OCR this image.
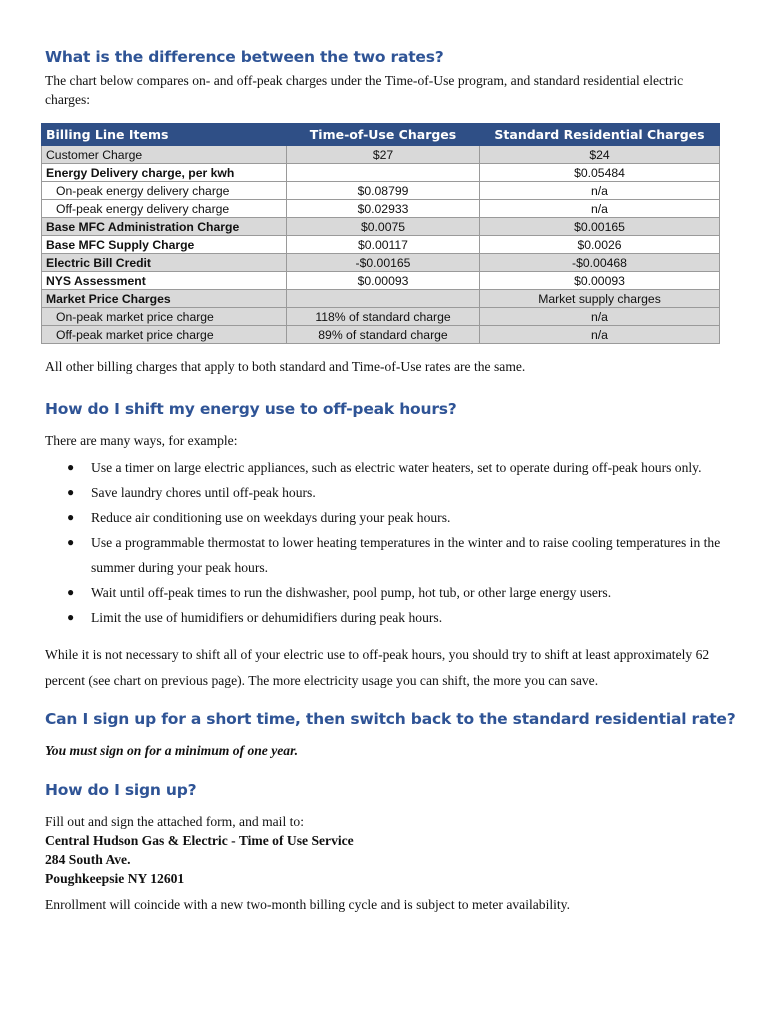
What is the difference between the two rates?

The chart below compares on- and off-peak charges under the Time-of-Use program, and standard residential electric

charges:

Billing Line Items	Time-of-Use Charges	Standard Residential Charges
Customer Charge	$27	$24
Energy Delivery charge, per kwh		$0.05484
On-peak energy delivery charge	$0.08799	n/a
Off-peak energy delivery charge	$0.02933	n/a
Base MFC Administration Charge	$0.0075	$0.00165
Base MFC Supply Charge	$0.00117	$0.0026
Electric Bill Credit	-$0.00165	-$0.00468
NYS Assessment	$0.00093	$0.00093
Market Price Charges		Market supply charges
On-peak market price charge	118% of standard charge	n/a
Off-peak market price charge	89% of standard charge	n/a

All other billing charges that apply to both standard and Time-of-Use rates are the same.

How do I shift my energy use to off-peak hours?

There are many ways, for example:

● Use a timer on large electric appliances, such as electric water heaters, set to operate during off-peak hours only.
● Save laundry chores until off-peak hours.
● Reduce air conditioning use on weekdays during your peak hours.
● Use a programmable thermostat to lower heating temperatures in the winter and to raise cooling temperatures in the summer during your peak hours.
● Wait until off-peak times to run the dishwasher, pool pump, hot tub, or other large energy users.
● Limit the use of humidifiers or dehumidifiers during peak hours.

While it is not necessary to shift all of your electric use to off-peak hours, you should try to shift at least approximately 62 percent (see chart on previous page). The more electricity usage you can shift, the more you can save.

Can I sign up for a short time, then switch back to the standard residential rate?

You must sign on for a minimum of one year.

How do I sign up?

Fill out and sign the attached form, and mail to:

Central Hudson Gas & Electric - Time of Use Service

284 South Ave.

Poughkeepsie NY 12601

Enrollment will coincide with a new two-month billing cycle and is subject to meter availability.
